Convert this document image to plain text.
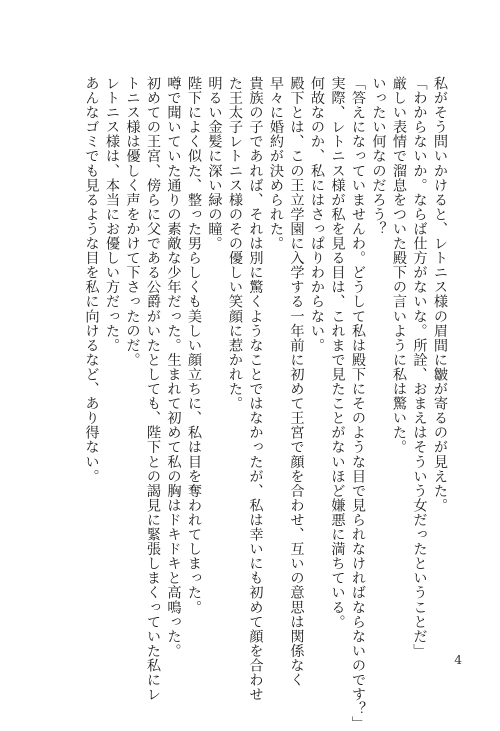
私がそう問いかけると、レトニス様の眉間に皺が寄るのが見えた。
「わからないか。ならば仕方がないな。所詮、おまえはそういう女だったということだ」
厳しい表情で溜息をついた殿下の言いように私は驚いた。
いったい何なのだろう？
「答えになっていませんわ。どうして私は殿下にそのような目で見られなければならないのです？」
実際、レトニス様が私を見る目は、これまで見たことがないほど嫌悪に満ちている。
何故なのか、私にはさっぱりわからない。
殿下とは、この王立学園に入学する一年前に初めて王宮で顔を合わせ、互いの意思は関係なく
早々に婚約が決められた。
貴族の子であれば、それは別に驚くようなことではなかったが、私は幸いにも初めて顔を合わせ
た王太子レトニス様のその優しい笑顔に惹かれた。
明るい金髪に深い緑の瞳。
陛下によく似た、整った男らしくも美しい顔立ちに、私は目を奪われてしまった。
噂で聞いていた通りの素敵な少年だった。生まれて初めて私の胸はドキドキと高鳴った。
初めての王宮、傍らに父である公爵がいたとしても、陛下との謁見に緊張しまくっていた私にレ
トニス様は優しく声をかけて下さったのだ。
レトニス様は、本当にお優しい方だった。
あんなゴミでも見るような目を私に向けるなど、あり得ない。
4
